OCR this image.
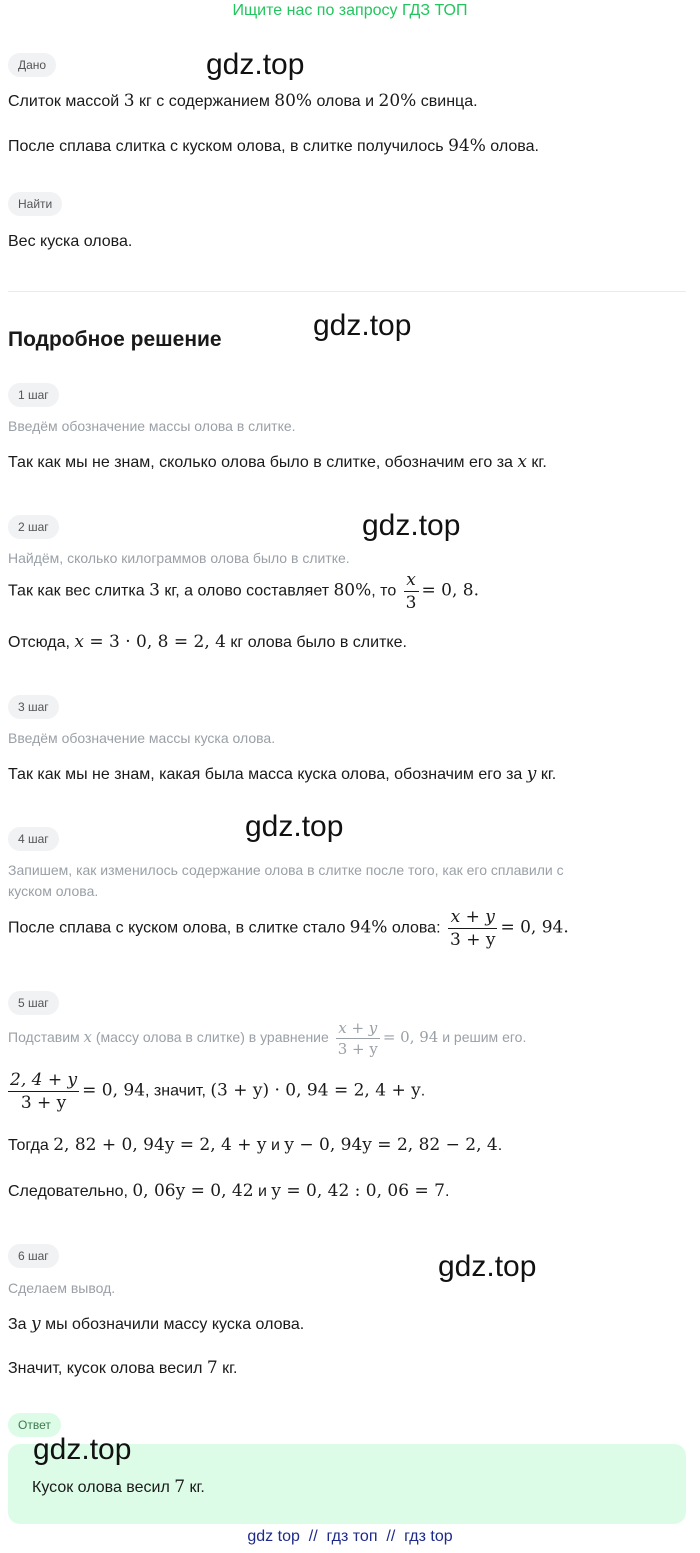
Ищите нас по запросу ГДЗ ТОП
Дано	gdz.top
Слиток массой 3 кг с содержанием 80% олова и 20% свинца.
После сплава слитка с куском олова, в слитке получилось 94% олова.
Найти
Вес куска олова.
Подробное решение	gdz.top
1 шаг
Введём обозначение массы олова в слитке.
Так как мы не знам, сколько олова было в слитке, обозначим его за x кг.
2 шаг	gdz.top
Найдём, сколько килограммов олова было в слитке.
Так как вес слитка 3 кг, а олово составляет 80%, то $\frac{x}{3} = 0$, 8.
Отсюда, x = 3 · 0, 8 = 2, 4 кг олова было в слитке.
3 шаг
Введём обозначение массы куска олова.
Так как мы не знам, какая была масса куска олова, обозначим его за y кг.
4 шаг	gdz.top
Запишем, как изменилось содержание олова в слитке после того, как его сплавили с
куском олова.
После сплава с куском олова, в слитке стало 94% олова: $\frac{x + y}{3 + y} = 0$, 94.
5 шаг
Подставим x (массу олова в слитке) в уравнение $\frac{x + y}{3 + y} = 0$, 94 и решим его.
$\frac{2, 4 + y}{3 + y} = 0$, 94, значит, (3 + y) · 0, 94 = 2, 4 + y.
Тогда 2, 82 + 0, 94y = 2, 4 + y и y − 0, 94y = 2, 82 − 2, 4.
Следовательно, 0, 06y = 0, 42 и y = 0, 42 : 0, 06 = 7.
6 шаг	gdz.top
Сделаем вывод.
За y мы обозначили массу куска олова.
Значит, кусок олова весил 7 кг.
Ответ
gdz.top
Кусок олова весил 7 кг.
gdz top  //  гдз топ  //  гдз top
